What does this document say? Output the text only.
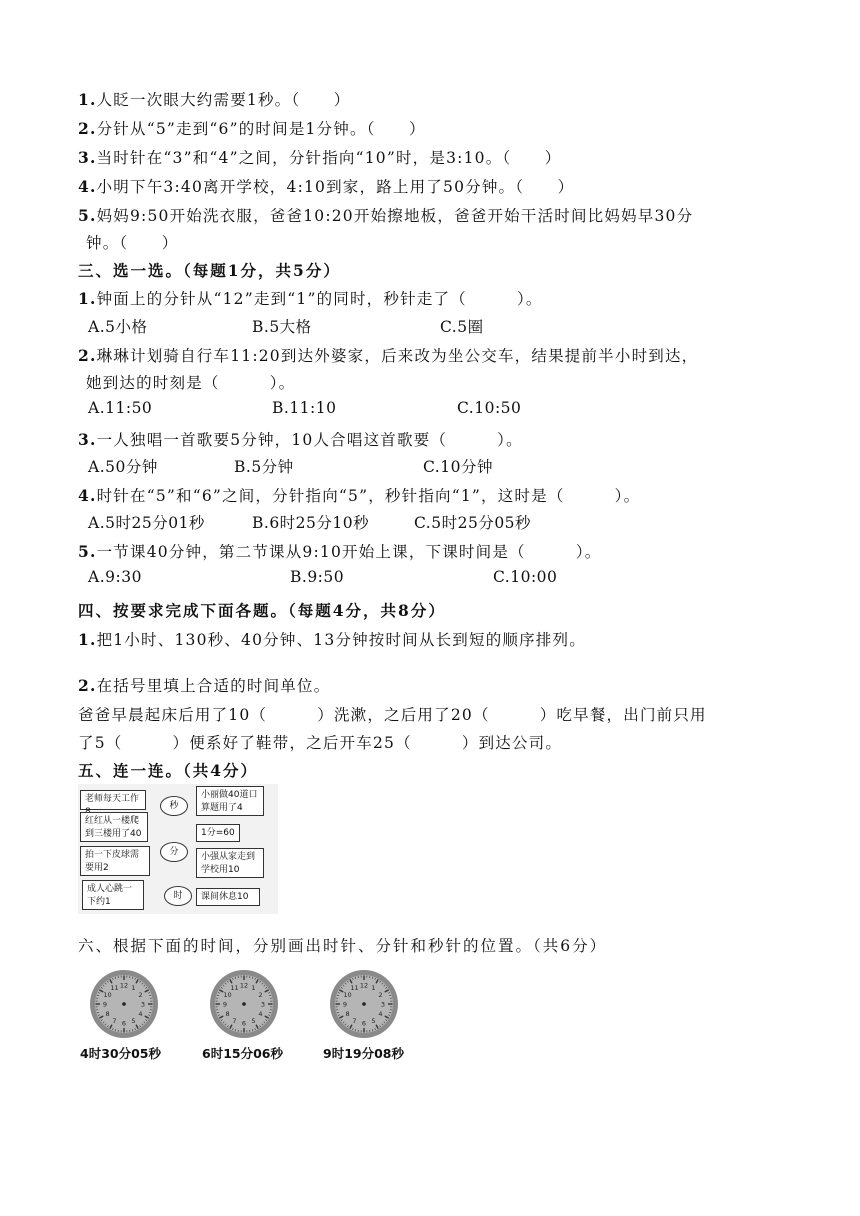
1.人眨一次眼大约需要1秒。（　　）
2.分针从“5”走到“6”的时间是1分钟。（　　）
3.当时针在“3”和“4”之间，分针指向“10”时，是3:10。（　　）
4.小明下午3:40离开学校，4:10到家，路上用了50分钟。（　　）
5.妈妈9:50开始洗衣服，爸爸10:20开始擦地板，爸爸开始干活时间比妈妈早30分
钟。（　　）
三、选一选。（每题1分，共5分）
1.钟面上的分针从“12”走到“1”的同时，秒针走了（　　　）。
A.5小格	B.5大格	C.5圈
2.琳琳计划骑自行车11:20到达外婆家，后来改为坐公交车，结果提前半小时到达，
她到达的时刻是（　　　）。
A.11:50	B.11:10	C.10:50
3.一人独唱一首歌要5分钟，10人合唱这首歌要（　　　）。
A.50分钟	B.5分钟	C.10分钟
4.时针在“5”和“6”之间，分针指向“5”，秒针指向“1”，这时是（　　　）。
A.5时25分01秒	B.6时25分10秒	C.5时25分05秒
5.一节课40分钟，第二节课从9:10开始上课，下课时间是（　　　）。
A.9:30	B.9:50	C.10:00
四、按要求完成下面各题。（每题4分，共8分）
1.把1小时、130秒、40分钟、13分钟按时间从长到短的顺序排列。
2.在括号里填上合适的时间单位。
爸爸早晨起床后用了10（　　　）洗漱，之后用了20（　　　）吃早餐，出门前只用
了5（　　　）便系好了鞋带，之后开车25（　　　）到达公司。
五、连一连。（共4分）
老师每天工作
红红从一楼爬到三楼用了40
拍一下皮球需要用2
成人心跳一下约1
秒
分
时
小丽做40道口算题用了4
1分=60
小强从家走到学校用10
课间休息10
六、根据下面的时间，分别画出时针、分针和秒针的位置。（共6分）
1
2
3
4
5
6
7
8
9
10
11 12	1
2
3
4
5
6
7
8
9
10
11 12	1
2
3
4
5
6
7
8
9
10
11 12
4时30分05秒	6时15分06秒	9时19分08秒
